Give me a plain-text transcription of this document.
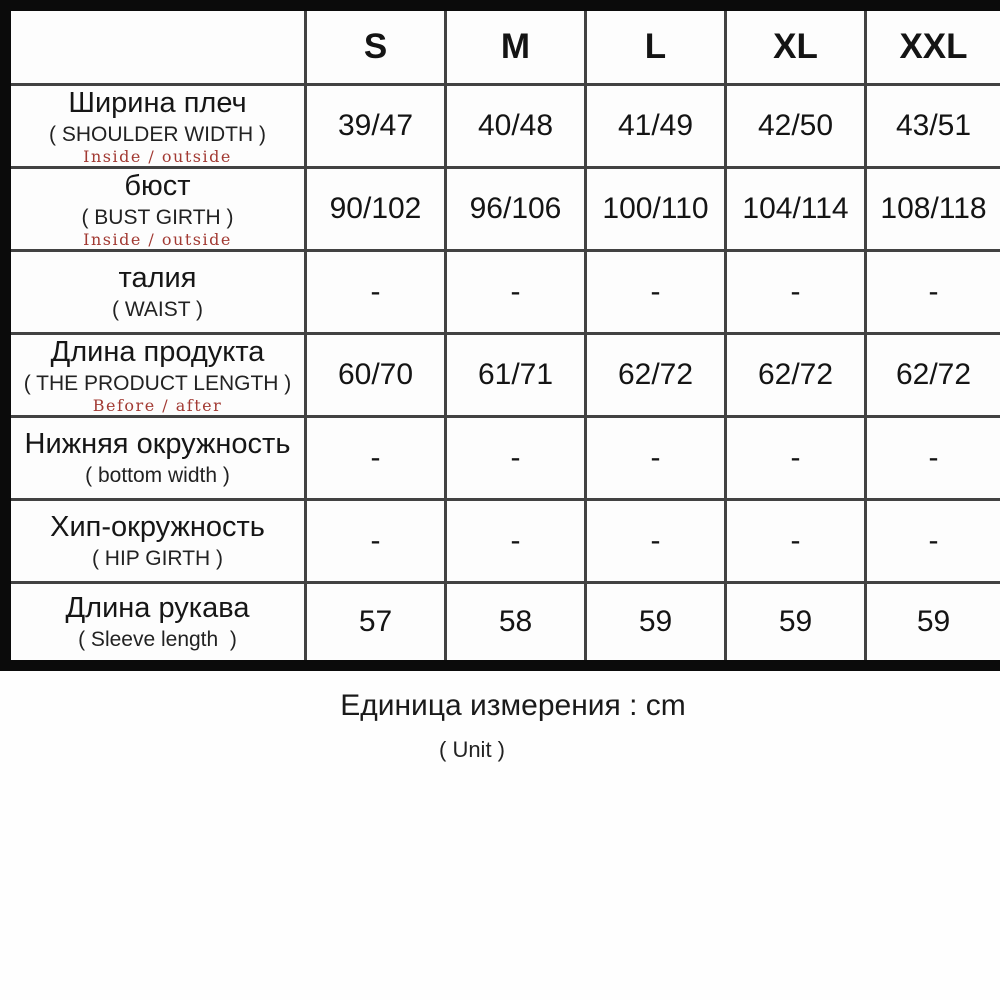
	S	M	L	XL	XXL

Ширина плеч
( SHOULDER WIDTH )
Inside / outside	39/47	40/48	41/49	42/50	43/51

бюст
( BUST GIRTH )
Inside / outside	90/102	96/106	100/110	104/114	108/118

талия
( WAIST )	-	-	-	-	-

Длина продукта
( THE PRODUCT LENGTH )
Before / after	60/70	61/71	62/72	62/72	62/72

Нижняя окружность
( bottom width )	-	-	-	-	-

Хип-окружность
( HIP GIRTH )	-	-	-	-	-

Длина рукава
( Sleeve length  )	57	58	59	59	59
Единица измерения : cm
( Unit )
